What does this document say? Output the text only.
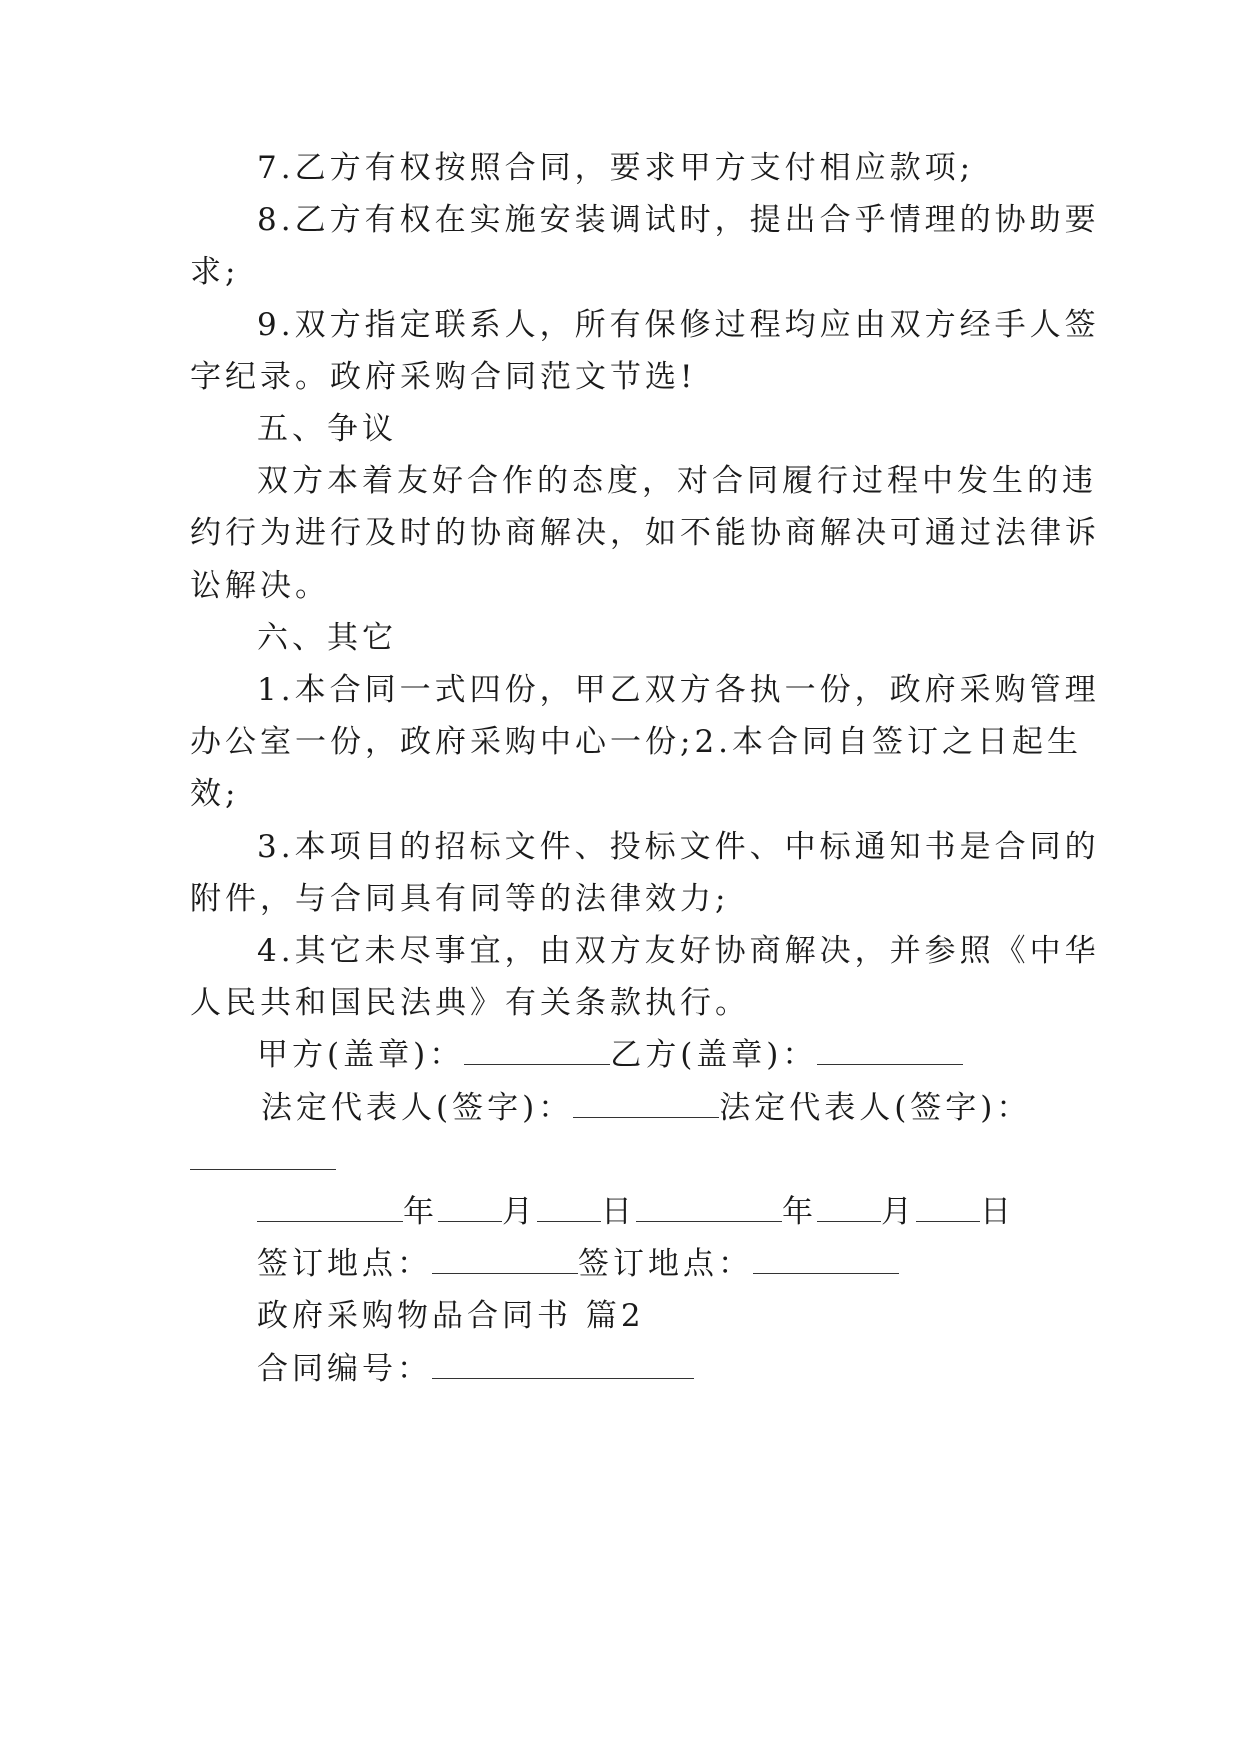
7.乙方有权按照合同，要求甲方支付相应款项;
8.乙方有权在实施安装调试时，提出合乎情理的协助要
求;
9.双方指定联系人，所有保修过程均应由双方经手人签
字纪录。政府采购合同范文节选!
五、争议
双方本着友好合作的态度，对合同履行过程中发生的违
约行为进行及时的协商解决，如不能协商解决可通过法律诉
讼解决。
六、其它
1.本合同一式四份，甲乙双方各执一份，政府采购管理
办公室一份，政府采购中心一份;2.本合同自签订之日起生
效;
3.本项目的招标文件、投标文件、中标通知书是合同的
附件，与合同具有同等的法律效力;
4.其它未尽事宜，由双方友好协商解决，并参照《中华
人民共和国民法典》有关条款执行。
甲方(盖章)：	乙方(盖章)：
法定代表人(签字)：	法定代表人(签字)：
年 月 日	年 月 日
签订地点：	签订地点：
政府采购物品合同书 篇2
合同编号：
